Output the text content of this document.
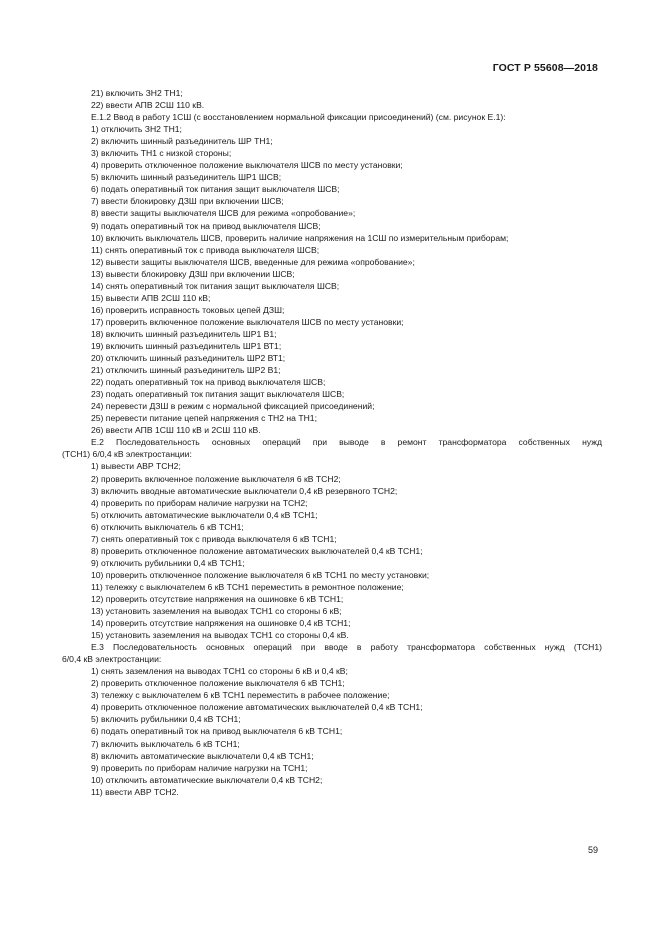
ГОСТ Р 55608—2018
21) включить ЗН2 ТН1;
22) ввести АПВ 2СШ 110 кВ.
Е.1.2 Ввод в работу 1СШ (с восстановлением нормальной фиксации присоединений) (см. рисунок Е.1):
1) отключить ЗН2 ТН1;
2) включить шинный разъединитель ШР ТН1;
3) включить ТН1 с низкой стороны;
4) проверить отключенное положение выключателя ШСВ по месту установки;
5) включить шинный разъединитель ШР1 ШСВ;
6) подать оперативный ток питания защит выключателя ШСВ;
7) ввести блокировку ДЗШ при включении ШСВ;
8) ввести защиты выключателя ШСВ для режима «опробование»;
9) подать оперативный ток на привод выключателя ШСВ;
10) включить выключатель ШСВ, проверить наличие напряжения на 1СШ по измерительным приборам;
11) снять оперативный ток с привода выключателя ШСВ;
12) вывести защиты выключателя ШСВ, введенные для режима «опробование»;
13) вывести блокировку ДЗШ при включении ШСВ;
14) снять оперативный ток питания защит выключателя ШСВ;
15) вывести АПВ 2СШ 110 кВ;
16) проверить исправность токовых цепей ДЗШ;
17) проверить включенное положение выключателя ШСВ по месту установки;
18) включить шинный разъединитель ШР1 В1;
19) включить шинный разъединитель ШР1 ВТ1;
20) отключить шинный разъединитель ШР2 ВТ1;
21) отключить шинный разъединитель ШР2 В1;
22) подать оперативный ток на привод выключателя ШСВ;
23) подать оперативный ток питания защит выключателя ШСВ;
24) перевести ДЗШ в режим с нормальной фиксацией присоединений;
25) перевести питание цепей напряжения с ТН2 на ТН1;
26) ввести АПВ 1СШ 110 кВ и 2СШ 110 кВ.
Е.2 Последовательность основных операций при выводе в ремонт трансформатора собственных нужд
(ТСН1) 6/0,4 кВ электростанции:
1) вывести АВР ТСН2;
2) проверить включенное положение выключателя 6 кВ ТСН2;
3) включить вводные автоматические выключатели 0,4 кВ резервного ТСН2;
4) проверить по приборам наличие нагрузки на ТСН2;
5) отключить автоматические выключатели 0,4 кВ ТСН1;
6) отключить выключатель 6 кВ ТСН1;
7) снять оперативный ток с привода выключателя 6 кВ ТСН1;
8) проверить отключенное положение автоматических выключателей 0,4 кВ ТСН1;
9) отключить рубильники 0,4 кВ ТСН1;
10) проверить отключенное положение выключателя 6 кВ ТСН1 по месту установки;
11) тележку с выключателем 6 кВ ТСН1 переместить в ремонтное положение;
12) проверить отсутствие напряжения на ошиновке 6 кВ ТСН1;
13) установить заземления на выводах ТСН1 со стороны 6 кВ;
14) проверить отсутствие напряжения на ошиновке 0,4 кВ ТСН1;
15) установить заземления на выводах ТСН1 со стороны 0,4 кВ.
Е.3 Последовательность основных операций при вводе в работу трансформатора собственных нужд (ТСН1)
6/0,4 кВ электростанции:
1) снять заземления на выводах ТСН1 со стороны 6 кВ и 0,4 кВ;
2) проверить отключенное положение выключателя 6 кВ ТСН1;
3) тележку с выключателем 6 кВ ТСН1 переместить в рабочее положение;
4) проверить отключенное положение автоматических выключателей 0,4 кВ ТСН1;
5) включить рубильники 0,4 кВ ТСН1;
6) подать оперативный ток на привод выключателя 6 кВ ТСН1;
7) включить выключатель 6 кВ ТСН1;
8) включить автоматические выключатели 0,4 кВ ТСН1;
9) проверить по приборам наличие нагрузки на ТСН1;
10) отключить автоматические выключатели 0,4 кВ ТСН2;
11) ввести АВР ТСН2.
59
